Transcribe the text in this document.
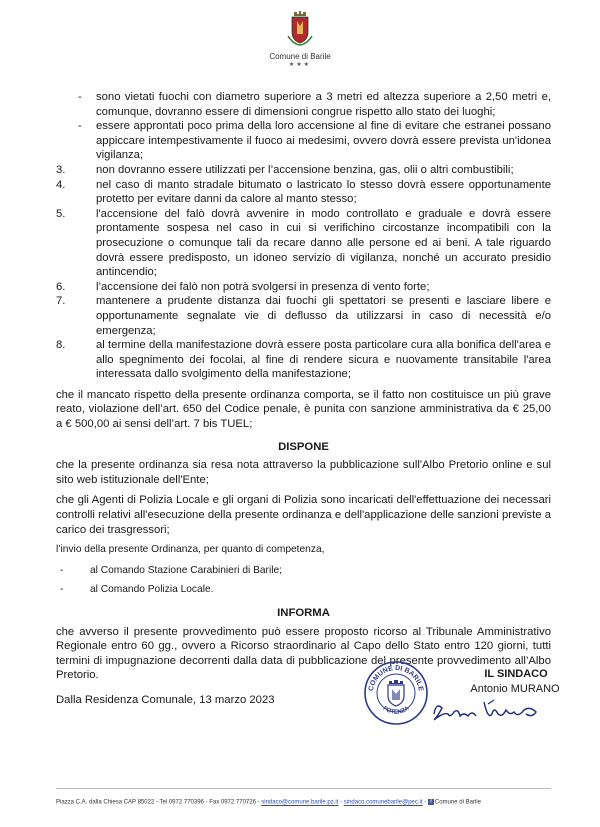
Comune di Barile
★★★
- sono vietati fuochi con diametro superiore a 3 metri ed altezza superiore a 2,50 metri e, comunque, dovranno essere di dimensioni congrue rispetto allo stato dei luoghi;
- essere approntati poco prima della loro accensione al fine di evitare che estranei possano appiccare intempestivamente il fuoco ai medesimi, ovvero dovrà essere prevista un'idonea vigilanza;
3.	non dovranno essere utilizzati per l’accensione benzina, gas, olii o altri combustibili;
4.	nel caso di manto stradale bitumato o lastricato lo stesso dovrà essere opportunamente protetto per evitare danni da calore al manto stesso;
5.	l'accensione del falò dovrà avvenire in modo controllato e graduale e dovrà essere prontamente sospesa nel caso in cui si verifichino circostanze incompatibili con la prosecuzione o comunque tali da recare danno alle persone ed ai beni. A tale riguardo dovrà essere predisposto, un idoneo servizio di vigilanza, nonché un accurato presidio antincendio;
6.	l’accensione dei falò non potrà svolgersi in presenza di vento forte;
7.	mantenere a prudente distanza dai fuochi gli spettatori se presenti e lasciare libere e opportunamente segnalate vie di deflusso da utilizzarsi in caso di necessità e/o emergenza;
8.	al termine della manifestazione dovrà essere posta particolare cura alla bonifica dell'area e allo spegnimento dei focolai, al fine di rendere sicura e nuovamente transitabile l'area interessata dallo svolgimento della manifestazione;
che il mancato rispetto della presente ordinanza comporta, se il fatto non costituisce un più grave reato, violazione dell’art. 650 del Codice penale, è punita con sanzione amministrativa da € 25,00 a € 500,00 ai sensi dell’art. 7 bis TUEL;
DISPONE
che la presente ordinanza sia resa nota attraverso la pubblicazione sull'Albo Pretorio online e sul sito web istituzionale dell'Ente;
che gli Agenti di Polizia Locale e gli organi di Polizia sono incaricati dell'effettuazione dei necessari controlli relativi all'esecuzione della presente ordinanza e dell'applicazione delle sanzioni previste a carico dei trasgressori;
l’invio della presente Ordinanza, per quanto di competenza,
-	al Comando Stazione Carabinieri di Barile;
-	al Comando Polizia Locale.
INFORMA
che avverso il presente provvedimento può essere proposto ricorso al Tribunale Amministrativo Regionale entro 60 gg., ovvero a Ricorso straordinario al Capo dello Stato entro 120 giorni, tutti termini di impugnazione decorrenti dalla data di pubblicazione del presente provvedimento all’Albo Pretorio.
Dalla Residenza Comunale, 13 marzo 2023
COMUNE DI BARILE
POTENZA
IL SINDACO
Antonio MURANO
Piazza C.A. dalla Chiesa CAP 85022 - Tel 0972 770396 - Fax 0972 770726 - sindaco@comune.barile.pz.it - sindaco.comunebarile@pec.it - f Comune di Barile
